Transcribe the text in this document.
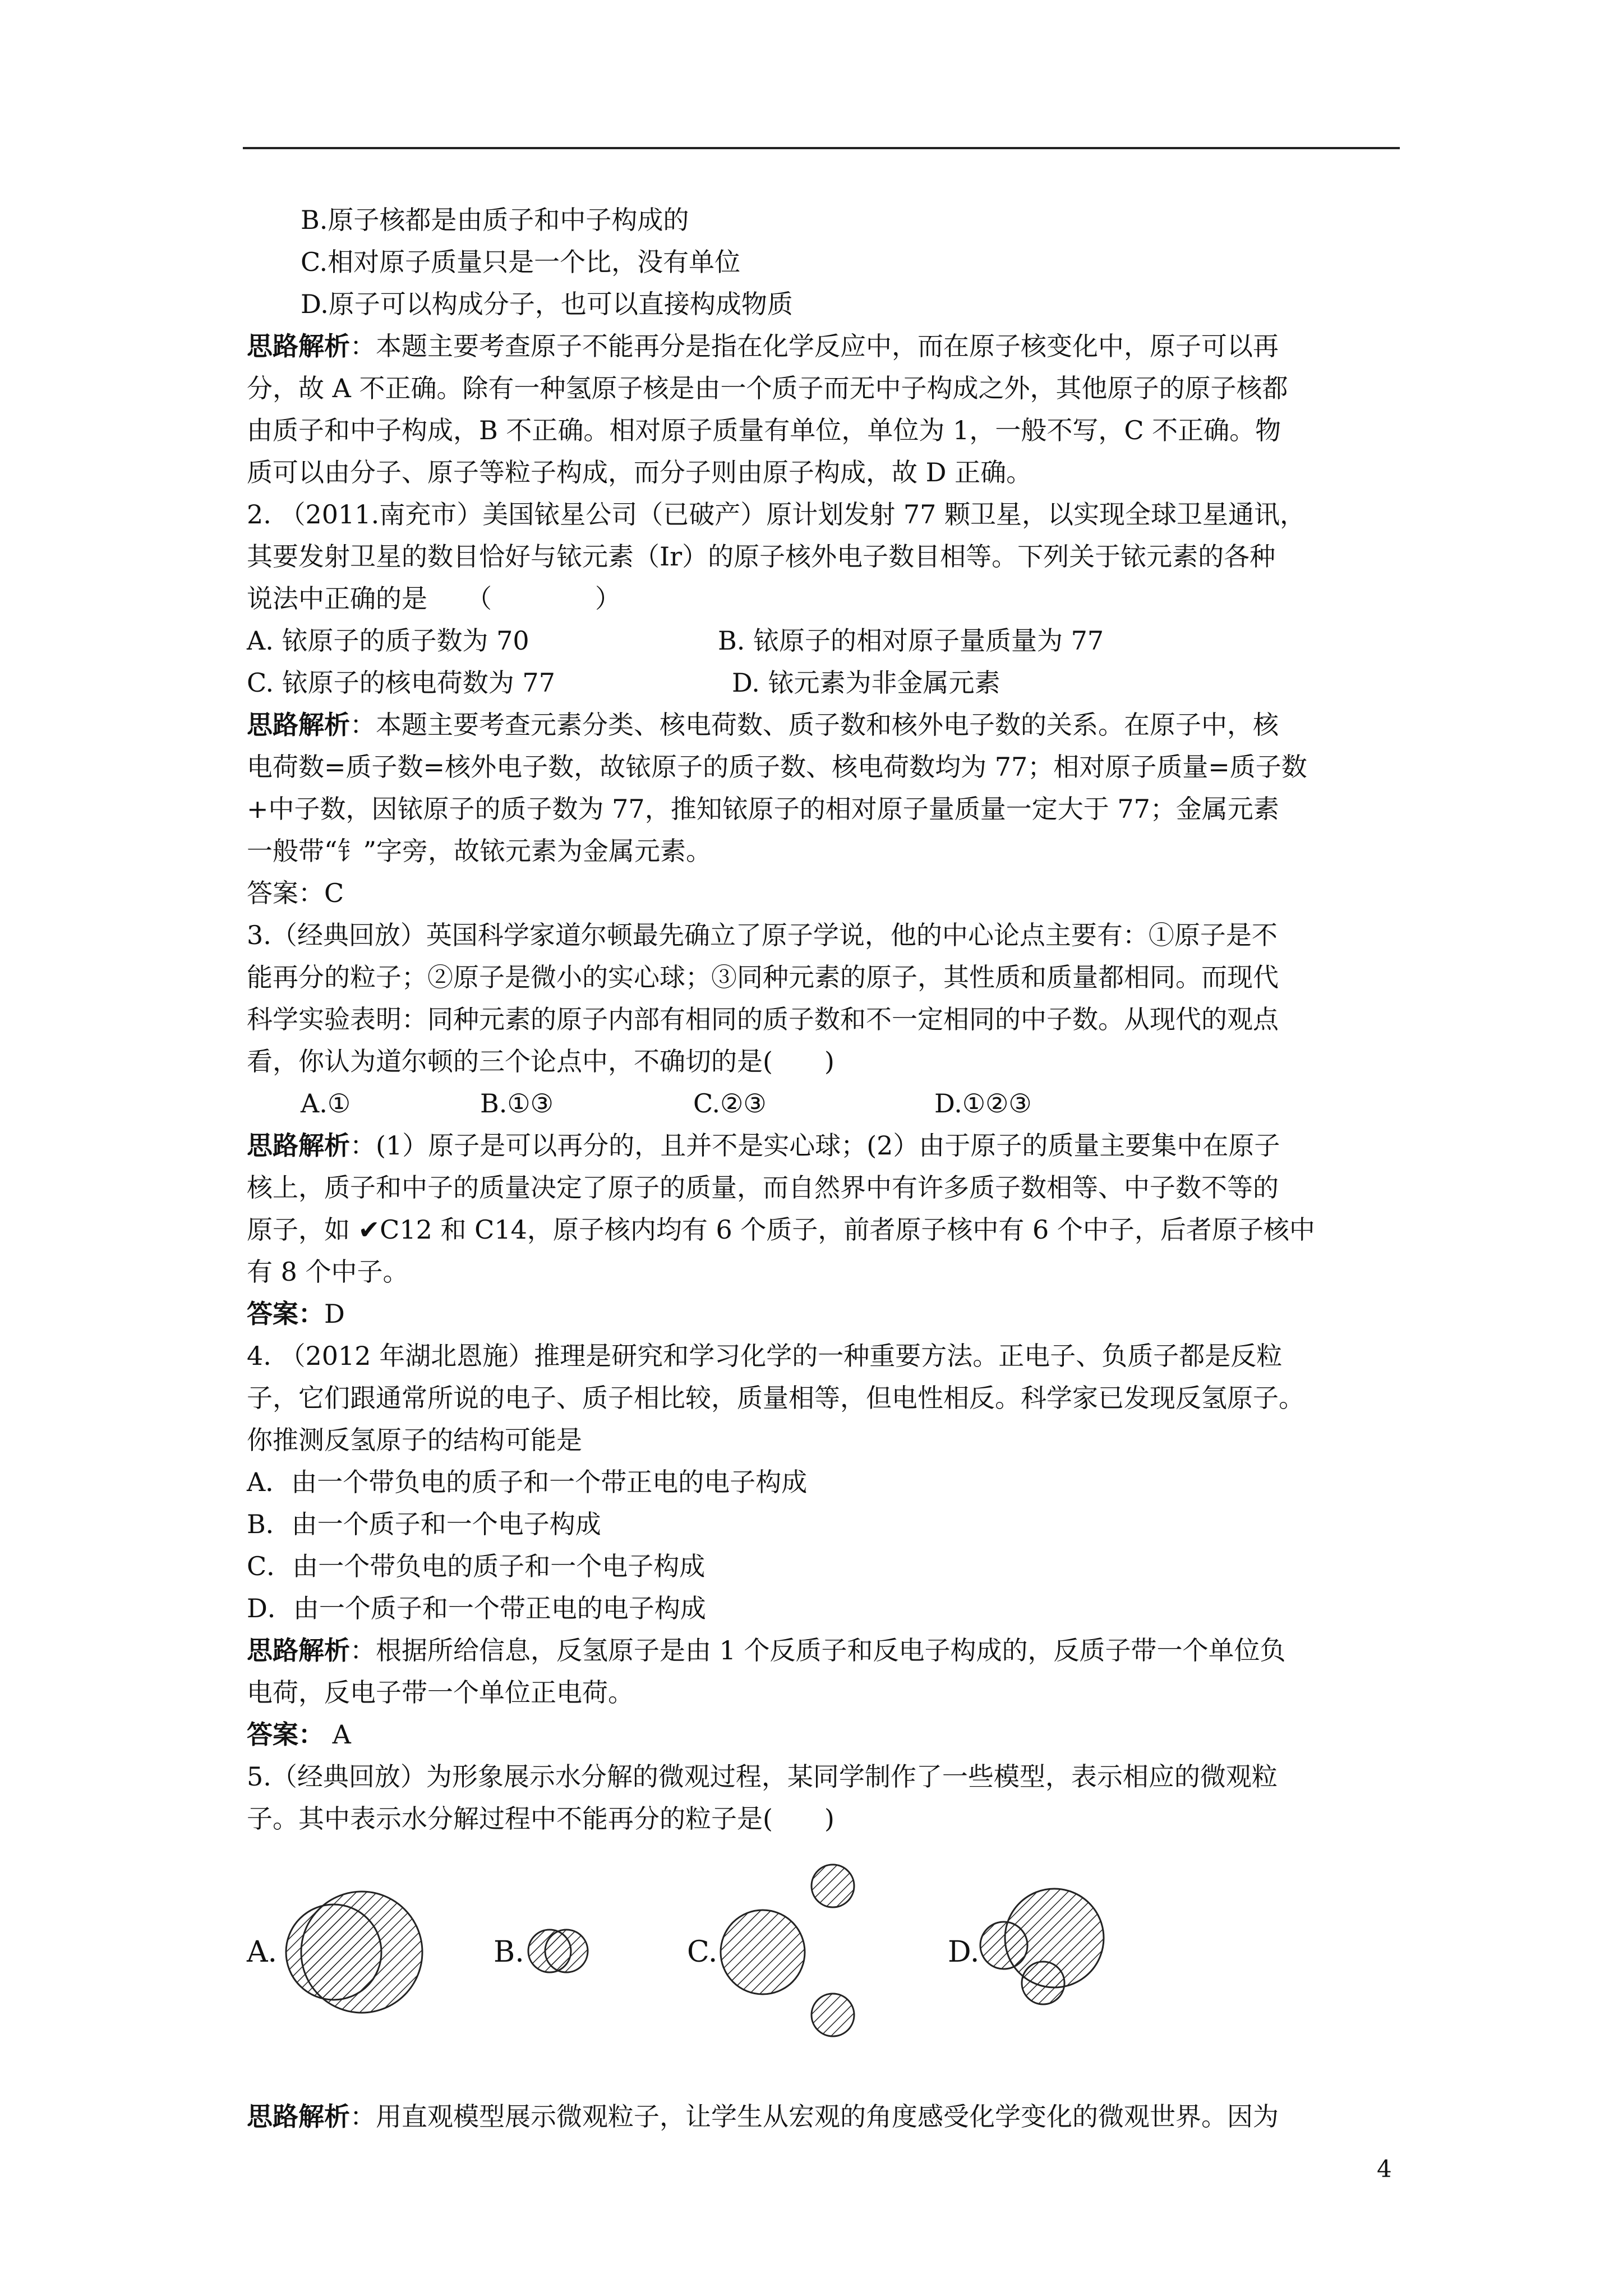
B.原子核都是由质子和中子构成的
C.相对原子质量只是一个比，没有单位
D.原子可以构成分子，也可以直接构成物质
思路解析：本题主要考查原子不能再分是指在化学反应中，而在原子核变化中，原子可以再
分，故 A 不正确。除有一种氢原子核是由一个质子而无中子构成之外，其他原子的原子核都
由质子和中子构成，B 不正确。相对原子质量有单位，单位为 1，一般不写，C 不正确。物
质可以由分子、原子等粒子构成，而分子则由原子构成，故 D 正确。
2. （2011.南充市）美国铱星公司（已破产）原计划发射 77 颗卫星，以实现全球卫星通讯，
其要发射卫星的数目恰好与铱元素（Ir）的原子核外电子数目相等。下列关于铱元素的各种
说法中正确的是　　（　　　　）
A. 铱原子的质子数为 70	B. 铱原子的相对原子量质量为 77
C. 铱原子的核电荷数为 77	D. 铱元素为非金属元素
思路解析：本题主要考查元素分类、核电荷数、质子数和核外电子数的关系。在原子中，核
电荷数=质子数=核外电子数，故铱原子的质子数、核电荷数均为 77；相对原子质量=质子数
+中子数，因铱原子的质子数为 77，推知铱原子的相对原子量质量一定大于 77；金属元素
一般带“钅”字旁，故铱元素为金属元素。
答案：C
3.（经典回放）英国科学家道尔顿最先确立了原子学说，他的中心论点主要有：①原子是不
能再分的粒子；②原子是微小的实心球；③同种元素的原子，其性质和质量都相同。而现代
科学实验表明：同种元素的原子内部有相同的质子数和不一定相同的中子数。从现代的观点
看，你认为道尔顿的三个论点中，不确切的是(　　)
A.①	B.①③	C.②③	D.①②③
思路解析：(1）原子是可以再分的，且并不是实心球；(2）由于原子的质量主要集中在原子
核上，质子和中子的质量决定了原子的质量，而自然界中有许多质子数相等、中子数不等的
原子，如 ✔C12 和 C14，原子核内均有 6 个质子，前者原子核中有 6 个中子，后者原子核中
有 8 个中子。
答案：D
4. （2012 年湖北恩施）推理是研究和学习化学的一种重要方法。正电子、负质子都是反粒
子，它们跟通常所说的电子、质子相比较，质量相等，但电性相反。科学家已发现反氢原子。
你推测反氢原子的结构可能是
A．由一个带负电的质子和一个带正电的电子构成
B．由一个质子和一个电子构成
C．由一个带负电的质子和一个电子构成
D．由一个质子和一个带正电的电子构成
思路解析：根据所给信息，反氢原子是由 1 个反质子和反电子构成的，反质子带一个单位负
电荷，反电子带一个单位正电荷。
答案： A
5.（经典回放）为形象展示水分解的微观过程，某同学制作了一些模型，表示相应的微观粒
子。其中表示水分解过程中不能再分的粒子是(　　)
A.	B.	C.	D.
思路解析：用直观模型展示微观粒子，让学生从宏观的角度感受化学变化的微观世界。因为
4
